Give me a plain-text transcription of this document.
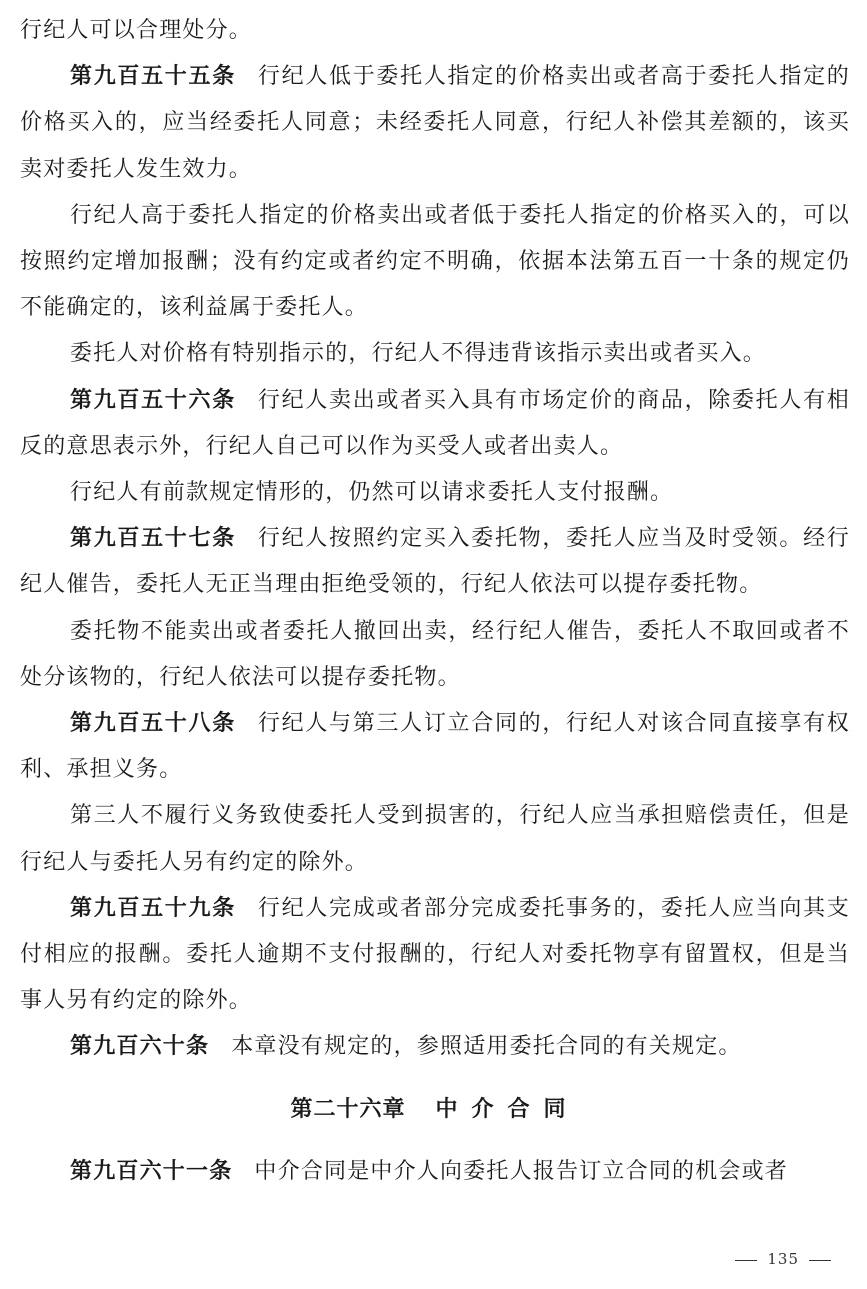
行纪人可以合理处分。

第九百五十五条 行纪人低于委托人指定的价格卖出或者高于委托人指定的价格买入的，应当经委托人同意；未经委托人同意，行纪人补偿其差额的，该买卖对委托人发生效力。

行纪人高于委托人指定的价格卖出或者低于委托人指定的价格买入的，可以按照约定增加报酬；没有约定或者约定不明确，依据本法第五百一十条的规定仍不能确定的，该利益属于委托人。

委托人对价格有特别指示的，行纪人不得违背该指示卖出或者买入。

第九百五十六条 行纪人卖出或者买入具有市场定价的商品，除委托人有相反的意思表示外，行纪人自己可以作为买受人或者出卖人。

行纪人有前款规定情形的，仍然可以请求委托人支付报酬。

第九百五十七条 行纪人按照约定买入委托物，委托人应当及时受领。经行纪人催告，委托人无正当理由拒绝受领的，行纪人依法可以提存委托物。

委托物不能卖出或者委托人撤回出卖，经行纪人催告，委托人不取回或者不处分该物的，行纪人依法可以提存委托物。

第九百五十八条 行纪人与第三人订立合同的，行纪人对该合同直接享有权利、承担义务。

第三人不履行义务致使委托人受到损害的，行纪人应当承担赔偿责任，但是行纪人与委托人另有约定的除外。

第九百五十九条 行纪人完成或者部分完成委托事务的，委托人应当向其支付相应的报酬。委托人逾期不支付报酬的，行纪人对委托物享有留置权，但是当事人另有约定的除外。

第九百六十条 本章没有规定的，参照适用委托合同的有关规定。

第二十六章 中介合同

第九百六十一条 中介合同是中介人向委托人报告订立合同的机会或者

135
